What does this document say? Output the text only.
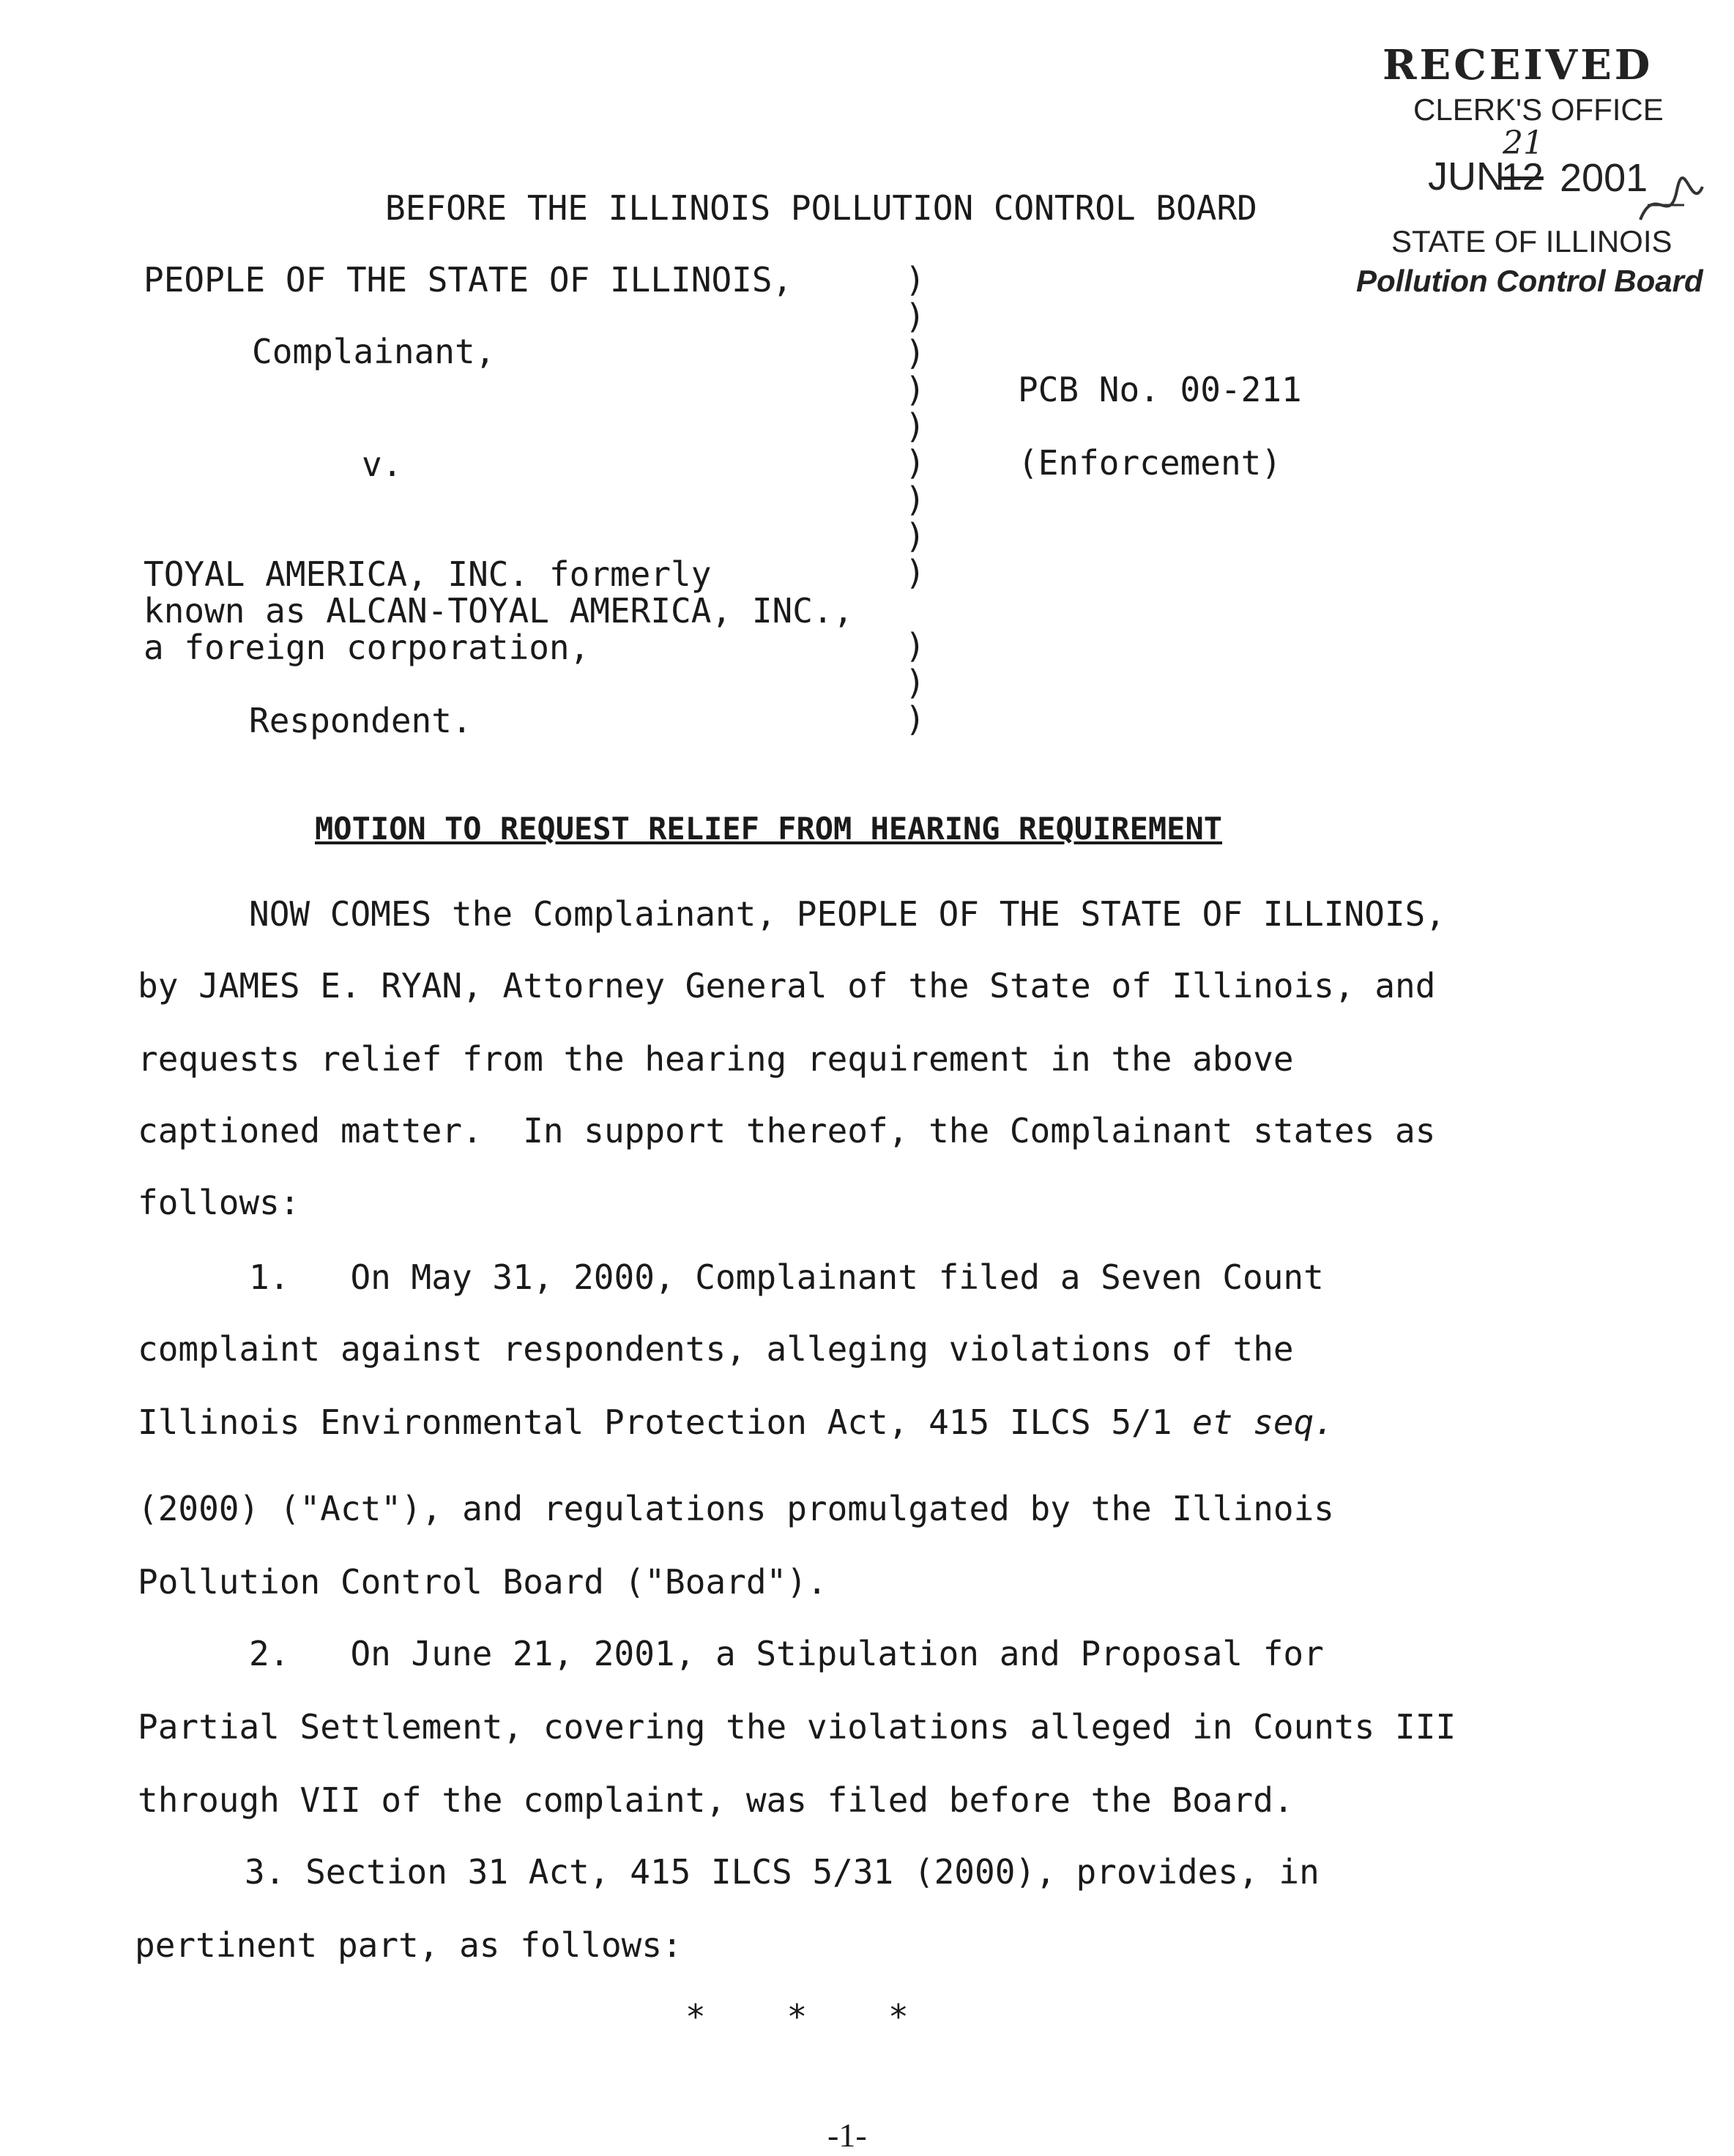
RECEIVED
CLERK'S OFFICE
JUN
21
12 2001
STATE OF ILLINOIS
Pollution Control Board
BEFORE THE ILLINOIS POLLUTION CONTROL BOARD
PEOPLE OF THE STATE OF ILLINOIS,
Complainant,
v.
TOYAL AMERICA, INC. formerly
known as ALCAN-TOYAL AMERICA, INC.,
a foreign corporation,
Respondent.
)
)
)
)
)
)
)
)
)
)
)
)
PCB No. 00-211
(Enforcement)
MOTION TO REQUEST RELIEF FROM HEARING REQUIREMENT
NOW COMES the Complainant, PEOPLE OF THE STATE OF ILLINOIS,
by JAMES E. RYAN, Attorney General of the State of Illinois, and
requests relief from the hearing requirement in the above
captioned matter.  In support thereof, the Complainant states as
follows:
1.   On May 31, 2000, Complainant filed a Seven Count
complaint against respondents, alleging violations of the
Illinois Environmental Protection Act, 415 ILCS 5/1 et seq.
(2000) ("Act"), and regulations promulgated by the Illinois
Pollution Control Board ("Board").
2.   On June 21, 2001, a Stipulation and Proposal for
Partial Settlement, covering the violations alleged in Counts III
through VII of the complaint, was filed before the Board.
3. Section 31 Act, 415 ILCS 5/31 (2000), provides, in
pertinent part, as follows:
*    *    *
-1-
